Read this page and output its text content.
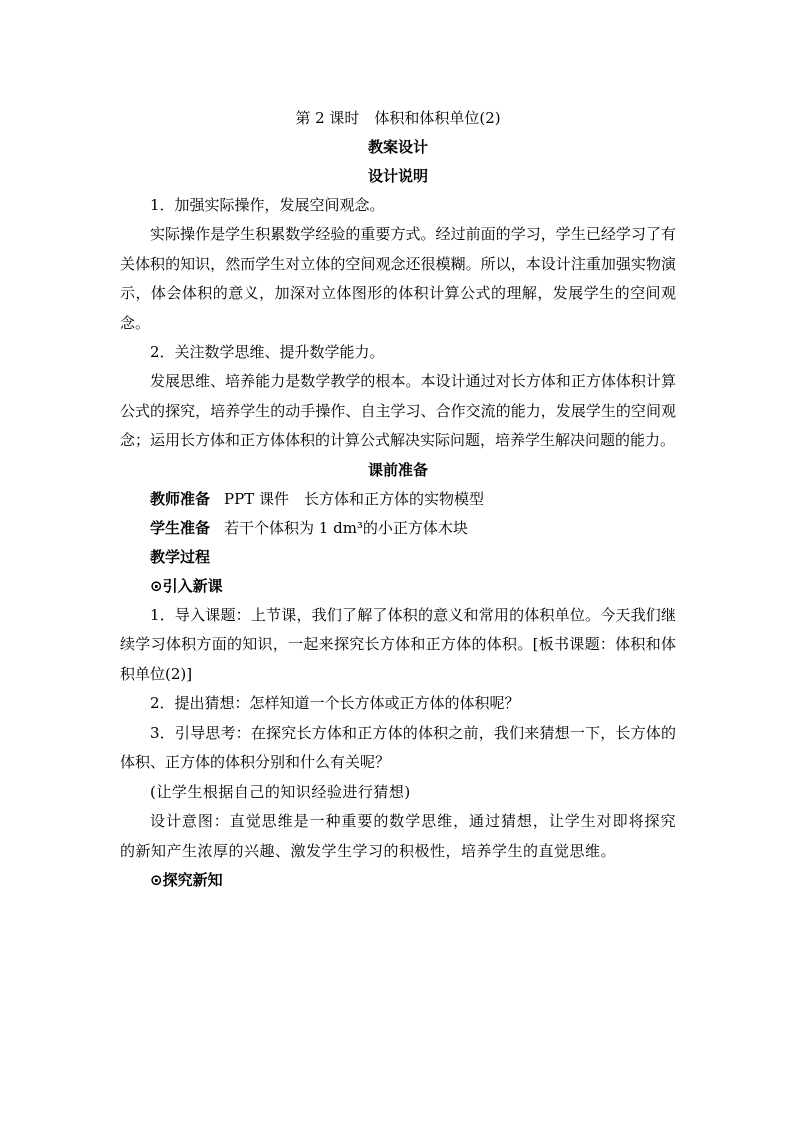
第 2 课时　体积和体积单位(2)
教案设计
设计说明
1．加强实际操作，发展空间观念。

实际操作是学生积累数学经验的重要方式。经过前面的学习，学生已经学习了有关体积的知识，然而学生对立体的空间观念还很模糊。所以，本设计注重加强实物演示，体会体积的意义，加深对立体图形的体积计算公式的理解，发展学生的空间观念。

2．关注数学思维、提升数学能力。

发展思维、培养能力是数学教学的根本。本设计通过对长方体和正方体体积计算公式的探究，培养学生的动手操作、自主学习、合作交流的能力，发展学生的空间观念；运用长方体和正方体体积的计算公式解决实际问题，培养学生解决问题的能力。

课前准备
教师准备 PPT 课件　长方体和正方体的实物模型
学生准备 若干个体积为 1 dm³的小正方体木块
教学过程
⊙引入新课

1．导入课题：上节课，我们了解了体积的意义和常用的体积单位。今天我们继续学习体积方面的知识，一起来探究长方体和正方体的体积。[板书课题：体积和体积单位(2)]

2．提出猜想：怎样知道一个长方体或正方体的体积呢？

3．引导思考：在探究长方体和正方体的体积之前，我们来猜想一下，长方体的体积、正方体的体积分别和什么有关呢？

(让学生根据自己的知识经验进行猜想)

设计意图：直觉思维是一种重要的数学思维，通过猜想，让学生对即将探究的新知产生浓厚的兴趣、激发学生学习的积极性，培养学生的直觉思维。

⊙探究新知
